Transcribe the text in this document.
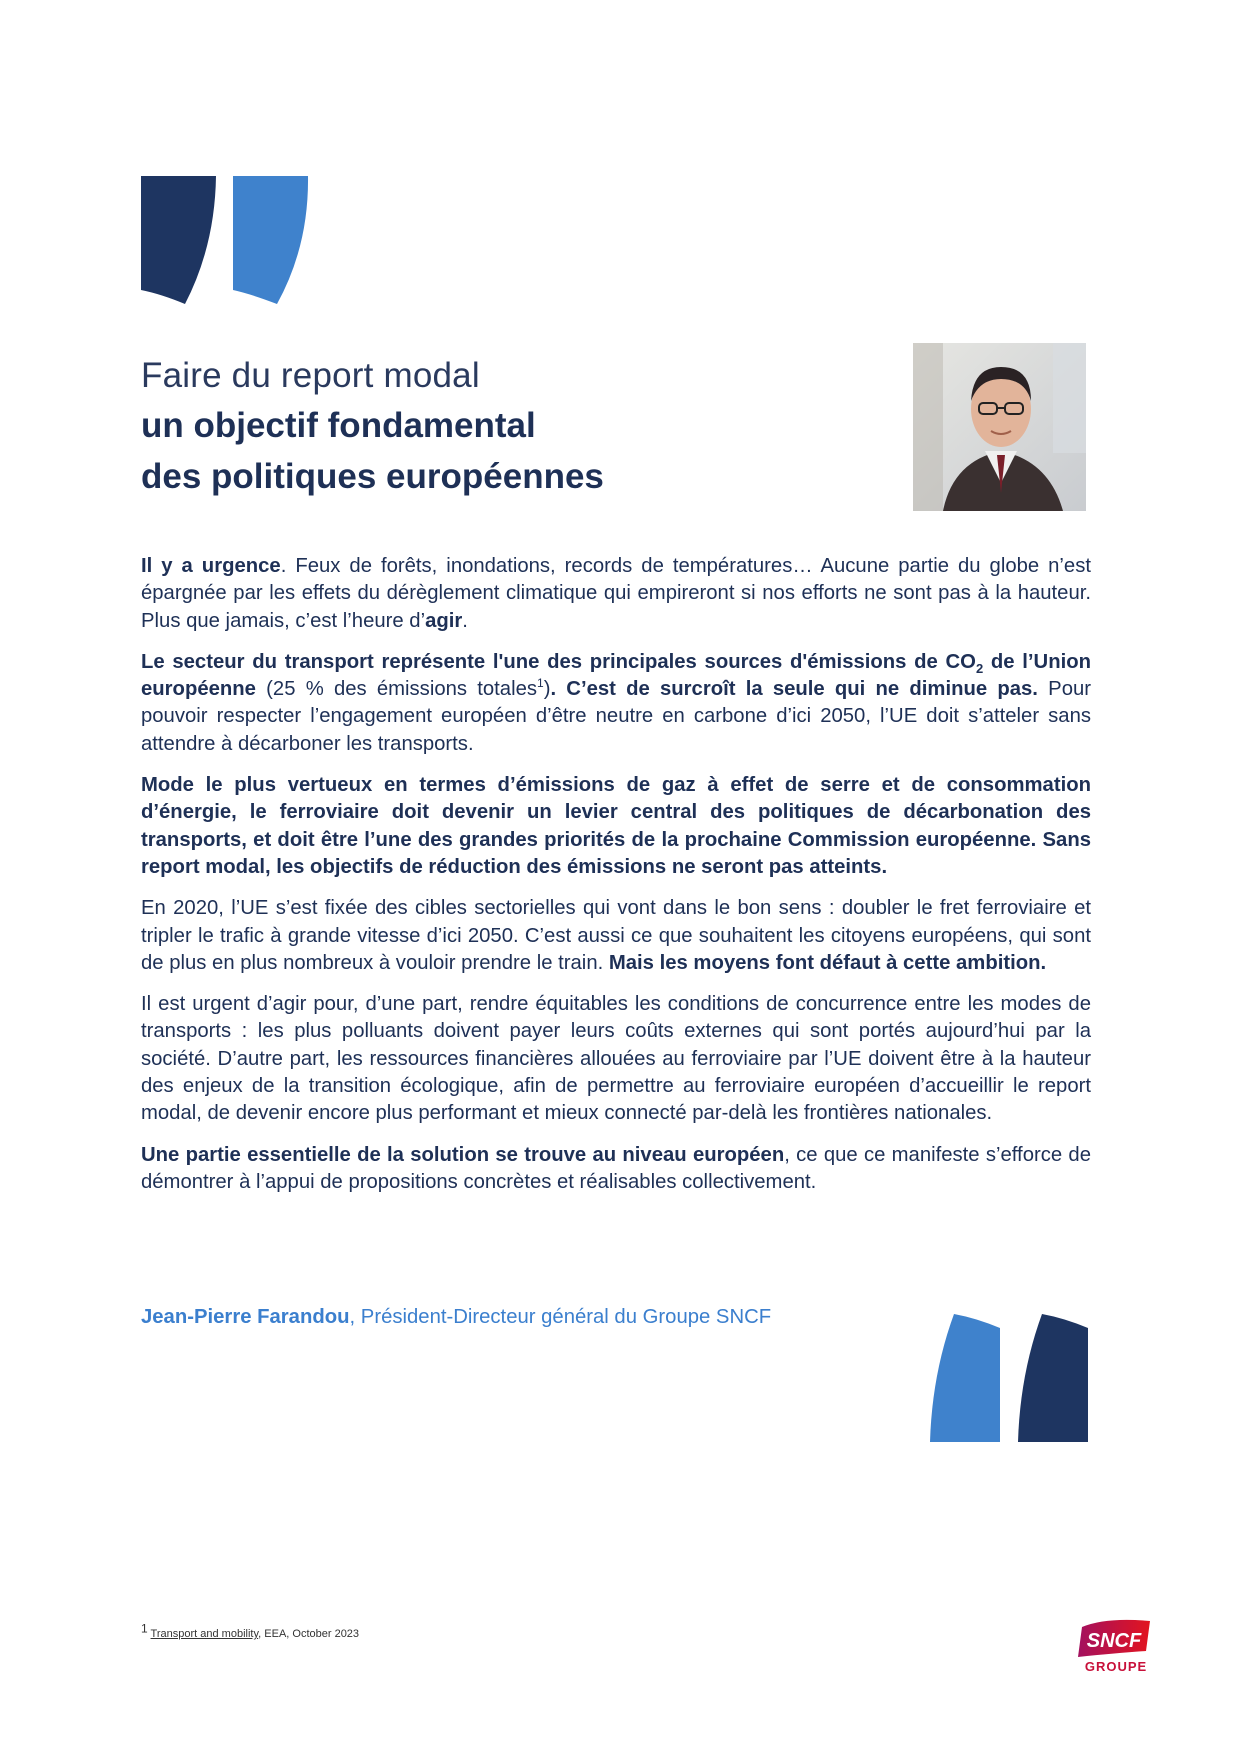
Faire du report modal
un objectif fondamental
des politiques européennes

Il y a urgence. Feux de forêts, inondations, records de températures… Aucune partie du globe n’est épargnée par les effets du dérèglement climatique qui empireront si nos efforts ne sont pas à la hauteur. Plus que jamais, c’est l’heure d’agir.

Le secteur du transport représente l'une des principales sources d'émissions de $CO_2$ de l’Union européenne (25 % des émissions totales$^1$). C’est de surcroît la seule qui ne diminue pas. Pour pouvoir respecter l’engagement européen d’être neutre en carbone d’ici 2050, l’UE doit s’atteler sans attendre à décarboner les transports.

Mode le plus vertueux en termes d’émissions de gaz à effet de serre et de consommation d’énergie, le ferroviaire doit devenir un levier central des politiques de décarbonation des transports, et doit être l’une des grandes priorités de la prochaine Commission européenne. Sans report modal, les objectifs de réduction des émissions ne seront pas atteints.

En 2020, l’UE s’est fixée des cibles sectorielles qui vont dans le bon sens : doubler le fret ferroviaire et tripler le trafic à grande vitesse d’ici 2050. C’est aussi ce que souhaitent les citoyens européens, qui sont de plus en plus nombreux à vouloir prendre le train. Mais les moyens font défaut à cette ambition.

Il est urgent d’agir pour, d’une part, rendre équitables les conditions de concurrence entre les modes de transports : les plus polluants doivent payer leurs coûts externes qui sont portés aujourd’hui par la société. D’autre part, les ressources financières allouées au ferroviaire par l’UE doivent être à la hauteur des enjeux de la transition écologique, afin de permettre au ferroviaire européen d’accueillir le report modal, de devenir encore plus performant et mieux connecté par-delà les frontières nationales.

Une partie essentielle de la solution se trouve au niveau européen, ce que ce manifeste s’efforce de démontrer à l’appui de propositions concrètes et réalisables collectivement.

Jean-Pierre Farandou, Président-Directeur général du Groupe SNCF
$^1$ Transport and mobility, EEA, October 2023	SNCF
GROUPE
